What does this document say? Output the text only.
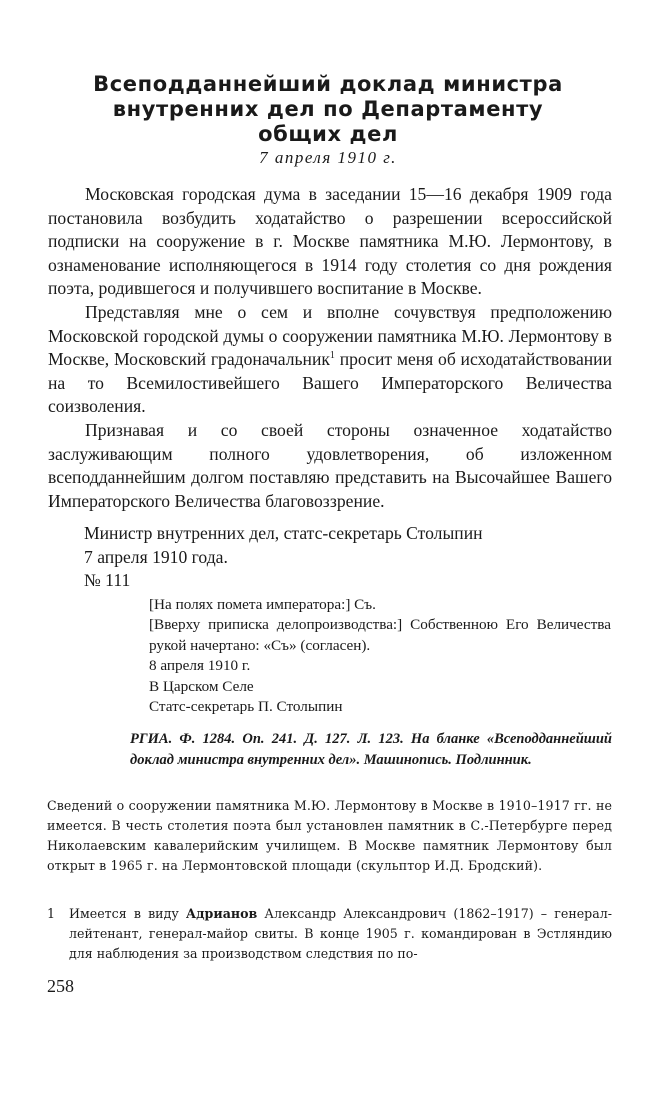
Всеподданнейший доклад министра
внутренних дел по Департаменту
общих дел
7 апреля 1910 г.

Московская городская дума в заседании 15—16 декабря 1909 года постановила возбудить ходатайство о разрешении всероссийской подписки на сооружение в г. Москве памятника М.Ю. Лермонтову, в ознаменование исполняющегося в 1914 году столетия со дня рождения поэта, родившегося и получившего воспитание в Москве.

Представляя мне о сем и вполне сочувствуя предположению Московской городской думы о сооружении памятника М.Ю. Лермонтову в Москве, Московский градоначальник$^1$ просит меня об исходатайствовании на то Всемилостивейшего Вашего Императорского Величества соизволения.

Признавая и со своей стороны означенное ходатайство заслуживающим полного удовлетворения, об изложенном всеподданнейшим долгом поставляю представить на Высочайшее Вашего Императорского Величества благовоззрение.

Министр внутренних дел, статс-секретарь Столыпин
7 апреля 1910 года.
№ 111

[На полях помета императора:] Съ.

[Вверху приписка делопроизводства:] Собственною Его Величества рукой начертано: «Съ» (согласен).

8 апреля 1910 г.

В Царском Селе

Статс-секретарь П. Столыпин

РГИА. Ф. 1284. Оп. 241. Д. 127. Л. 123. На бланке «Всеподданнейший доклад министра внутренних дел». Машинопись. Подлинник.

Сведений о сооружении памятника М.Ю. Лермонтову в Москве в 1910–1917 гг. не имеется. В честь столетия поэта был установлен памятник в С.-Петербурге перед Николаевским кавалерийским училищем. В Москве памятник Лермонтову был открыт в 1965 г. на Лермонтовской площади (скульптор И.Д. Бродский).

1 Имеется в виду Адрианов Александр Александрович (1862–1917) – генерал-лейтенант, генерал-майор свиты. В конце 1905 г. командирован в Эстляндию для наблюдения за производством следствия по по-

258
